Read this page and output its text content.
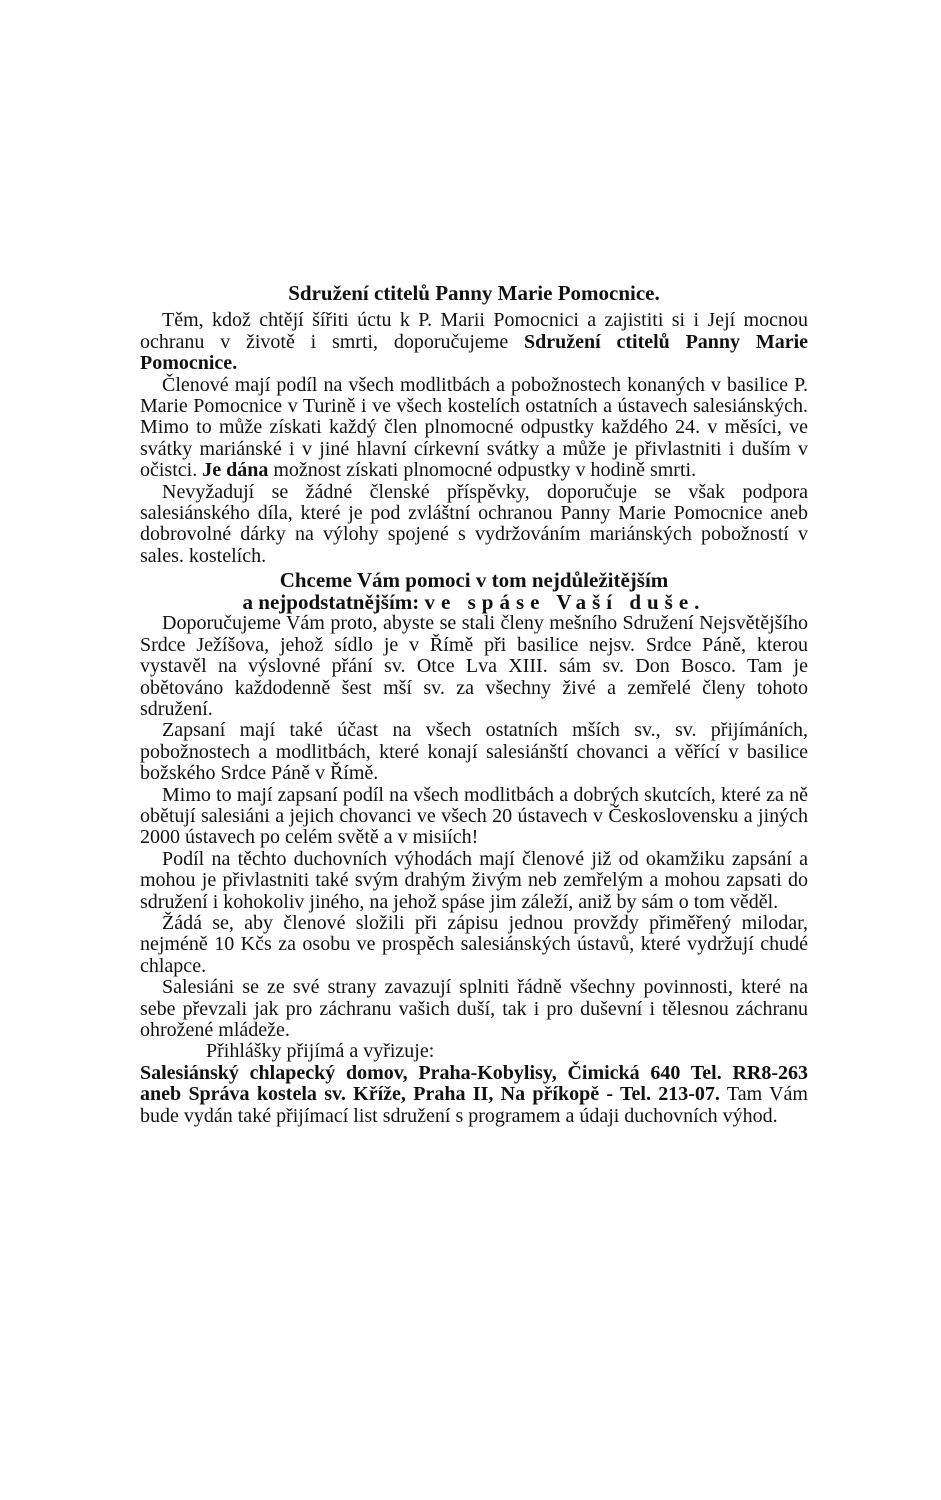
Sdružení ctitelů Panny Marie Pomocnice.

Těm, kdož chtějí šířiti úctu k P. Marii Pomocnici a zajistiti si i Její mocnou ochranu v životě i smrti, doporučujeme Sdružení ctitelů Panny Marie Pomocnice.

Členové mají podíl na všech modlitbách a pobožnostech konaných v basilice P. Marie Pomocnice v Turině i ve všech kostelích ostatních a ústavech salesiánských. Mimo to může získati každý člen plnomocné odpustky každého 24. v měsíci, ve svátky mariánské i v jiné hlavní církevní svátky a může je přivlastniti i duším v očistci. Je dána možnost získati plnomocné odpustky v hodině smrti.

Nevyžadují se žádné členské příspěvky, doporučuje se však podpora salesiánského díla, které je pod zvláštní ochranou Panny Marie Pomocnice aneb dobrovolné dárky na výlohy spojené s vydržováním mariánských pobožností v sales. kostelích.

Chceme Vám pomoci v tom nejdůležitějším
a nejpodstatnějším: ve spáse Vaší duše.

Doporučujeme Vám proto, abyste se stali členy mešního Sdružení Nejsvětějšího Srdce Ježíšova, jehož sídlo je v Římě při basilice nejsv. Srdce Páně, kterou vystavěl na výslovné přání sv. Otce Lva XIII. sám sv. Don Bosco. Tam je obětováno každodenně šest mší sv. za všechny živé a zemřelé členy tohoto sdružení.

Zapsaní mají také účast na všech ostatních mších sv., sv. přijímáních, pobožnostech a modlitbách, které konají salesiánští chovanci a věřící v basilice božského Srdce Páně v Římě.

Mimo to mají zapsaní podíl na všech modlitbách a dobrých skutcích, které za ně obětují salesiáni a jejich chovanci ve všech 20 ústavech v Československu a jiných 2000 ústavech po celém světě a v misiích!

Podíl na těchto duchovních výhodách mají členové již od okamžiku zapsání a mohou je přivlastniti také svým drahým živým neb zemřelým a mohou zapsati do sdružení i kohokoliv jiného, na jehož spáse jim záleží, aniž by sám o tom věděl.

Žádá se, aby členové složili při zápisu jednou provždy přiměřený milodar, nejméně 10 Kčs za osobu ve prospěch salesiánských ústavů, které vydržují chudé chlapce.

Salesiáni se ze své strany zavazují splniti řádně všechny povinnosti, které na sebe převzali jak pro záchranu vašich duší, tak i pro duševní i tělesnou záchranu ohrožené mládeže.

Přihlášky přijímá a vyřizuje:

Salesiánský chlapecký domov, Praha-Kobylisy, Čimická 640 Tel. RR8-263 aneb Správa kostela sv. Kříže, Praha II, Na příkopě - Tel. 213-07. Tam Vám bude vydán také přijímací list sdružení s programem a údaji duchovních výhod.
